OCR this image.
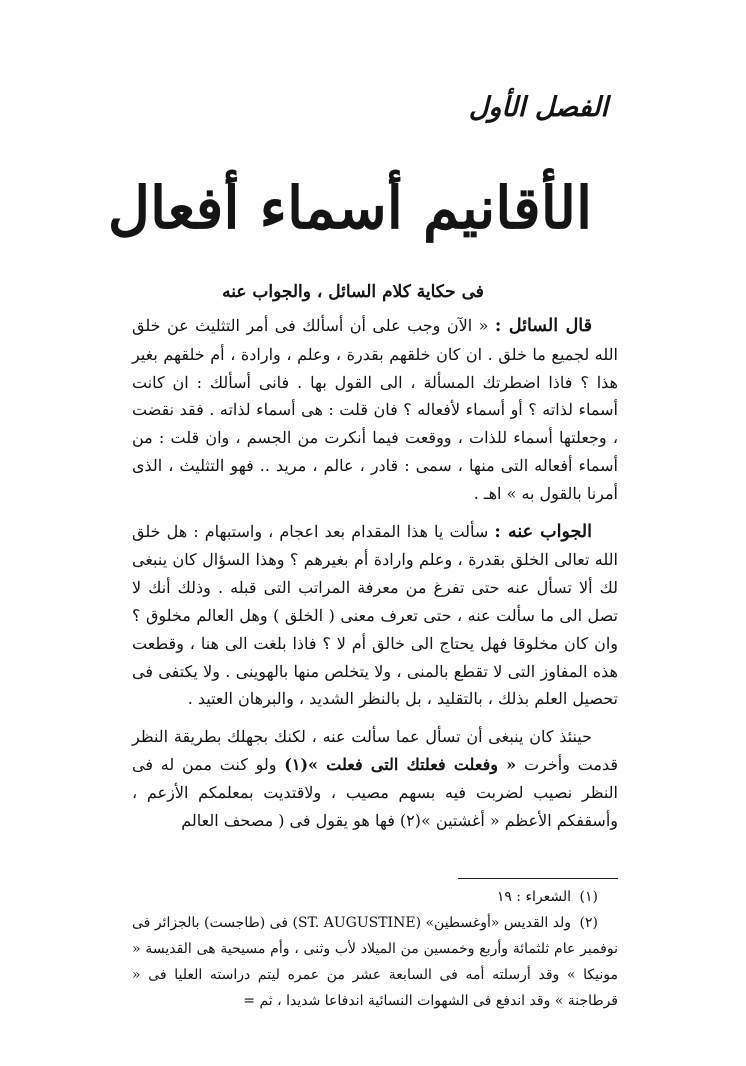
الفصل الأول
الأقانيم أسماء أفعال
فى حكاية كلام السائل ، والجواب عنه

قال السائل : « الآن وجب على أن أسألك فى أمر التثليث عن خلق الله لجميع ما خلق . ان كان خلقهم بقدرة ، وعلم ، وارادة ، أم خلقهم بغير هذا ؟ فاذا اضطرتك المسألة ، الى القول بها . فانى أسألك : ان كانت أسماء لذاته ؟ أو أسماء لأفعاله ؟ فان قلت : هى أسماء لذاته . فقد نقضت ، وجعلتها أسماء للذات ، ووقعت فيما أنكرت من الجسم ، وان قلت : من أسماء أفعاله التى منها ، سمى : قادر ، عالم ، مريد .. فهو التثليث ، الذى أمرنا بالقول به » اهـ .

الجواب عنه : سألت يا هذا المقدام بعد اعجام ، واستبهام : هل خلق الله تعالى الخلق بقدرة ، وعلم وارادة أم بغيرهم ؟ وهذا السؤال كان ينبغى لك ألا تسأل عنه حتى تفرغ من معرفة المراتب التى قبله . وذلك أنك لا تصل الى ما سألت عنه ، حتى تعرف معنى ( الخلق ) وهل العالم مخلوق ؟ وان كان مخلوقا فهل يحتاج الى خالق أم لا ؟ فاذا بلغت الى هنا ، وقطعت هذه المفاوز التى لا تقطع بالمنى ، ولا يتخلص منها بالهوينى . ولا يكتفى فى تحصيل العلم بذلك ، بالتقليد ، بل بالنظر الشديد ، والبرهان العتيد .

حينئذ كان ينبغى أن تسأل عما سألت عنه ، لكنك بجهلك بطريقة النظر قدمت وأخرت « وفعلت فعلتك التى فعلت »(١) ولو كنت ممن له فى النظر نصيب لضربت فيه بسهم مصيب ، ولاقتديت بمعلمكم الأزعم ، وأسقفكم الأعظم « أغشتين »(٢) فها هو يقول فى ( مصحف العالم

(١) الشعراء : ١٩

(٢) ولد القديس «أوغسطين» (ST. AUGUSTINE) فى (طاجست) بالجزائر فى نوفمبر عام ثلثمائة وأربع وخمسين من الميلاد لأب وثنى ، وأم مسيحية هى القديسة « مونيكا » وقد أرسلته أمه فى السابعة عشر من عمره ليتم دراسته العليا فى « قرطاجنة » وقد اندفع فى الشهوات النسائية اندفاعا شديدا ، ثم =
